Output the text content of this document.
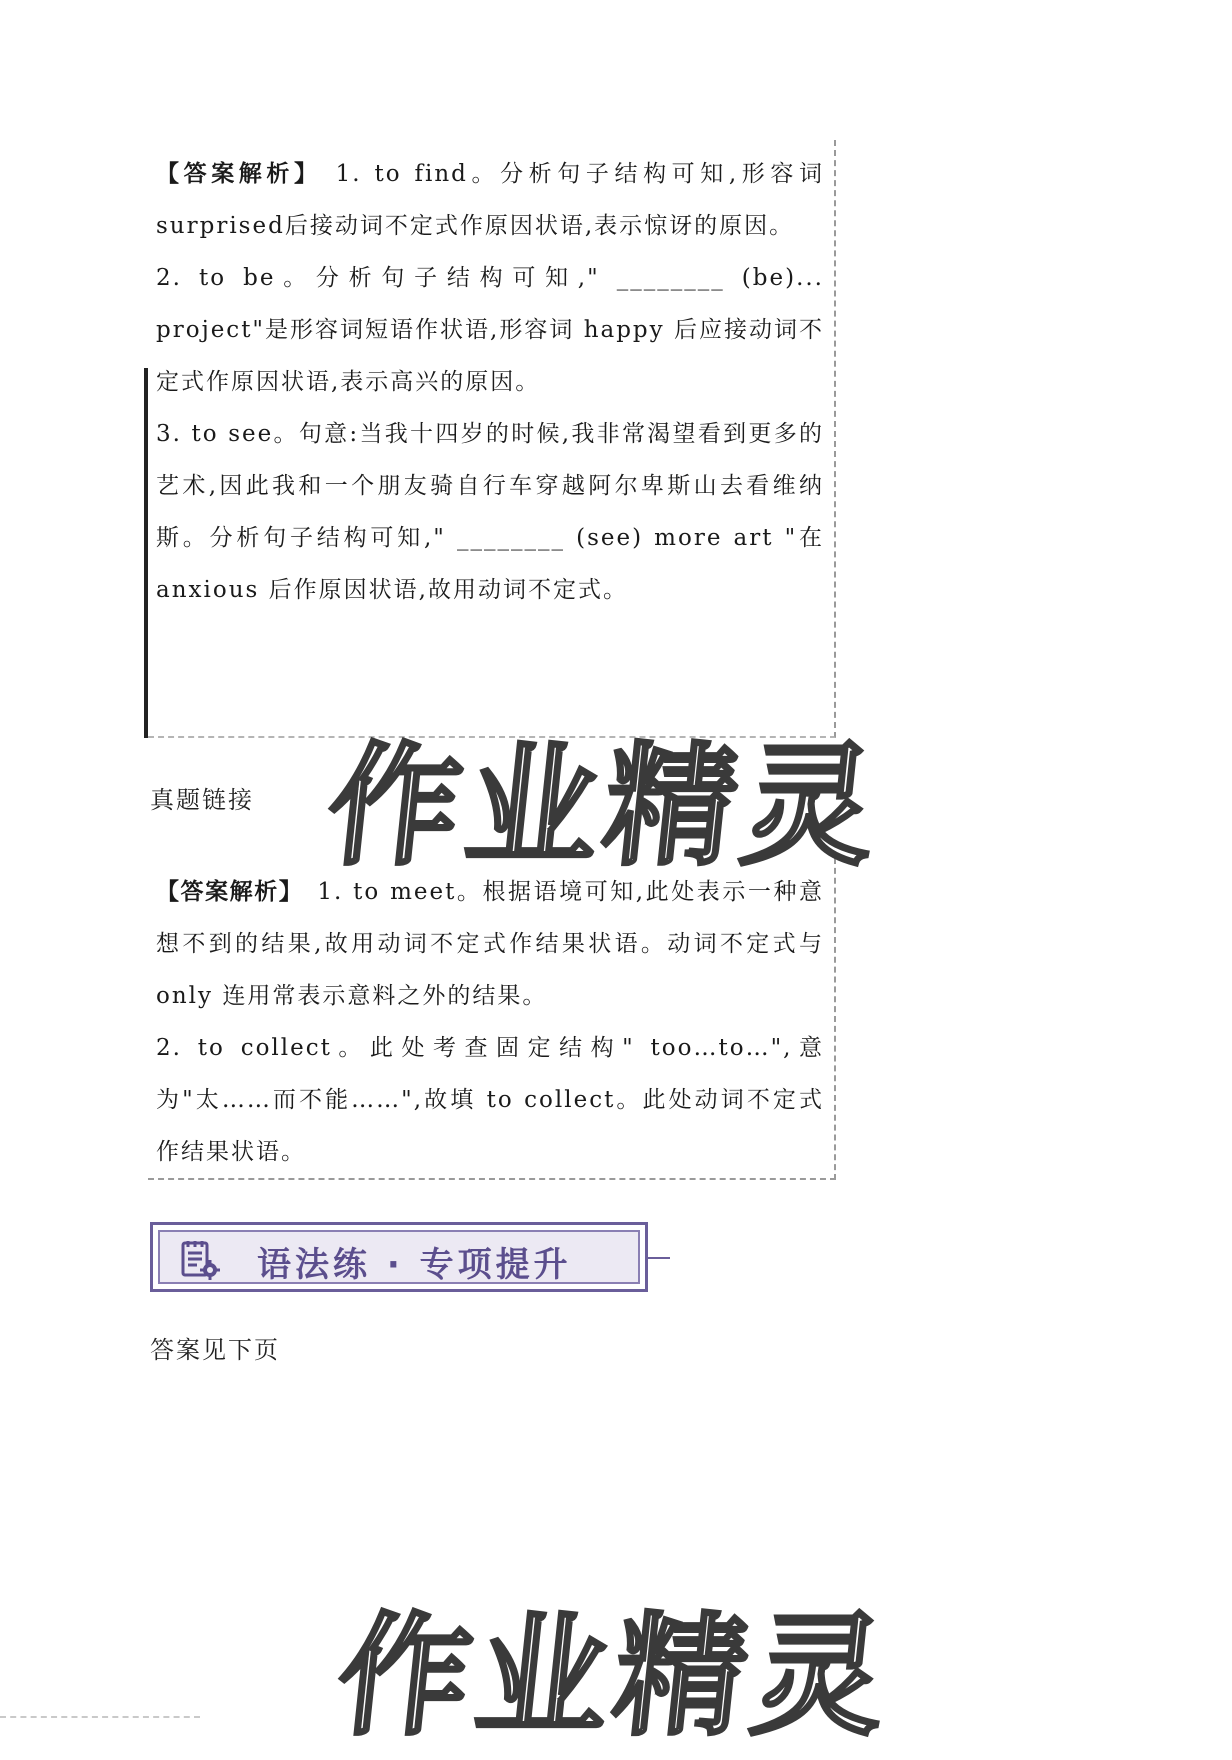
【答案解析】 1. to find。分析句子结构可知,形容词surprised后接动词不定式作原因状语,表示惊讶的原因。

2. to be。分析句子结构可知," ________ (be)... project"是形容词短语作状语,形容词 happy 后应接动词不定式作原因状语,表示高兴的原因。

3. to see。句意:当我十四岁的时候,我非常渴望看到更多的艺术,因此我和一个朋友骑自行车穿越阿尔卑斯山去看维纳斯。分析句子结构可知," ________ (see) more art "在 anxious 后作原因状语,故用动词不定式。

真题链接

【答案解析】 1. to meet。根据语境可知,此处表示一种意想不到的结果,故用动词不定式作结果状语。动词不定式与 only 连用常表示意料之外的结果。

2. to collect。此处考查固定结构" too…to…",意为"太……而不能……",故填 to collect。此处动词不定式作结果状语。

语法练 · 专项提升
答案见下页
作业精灵
作业精灵
